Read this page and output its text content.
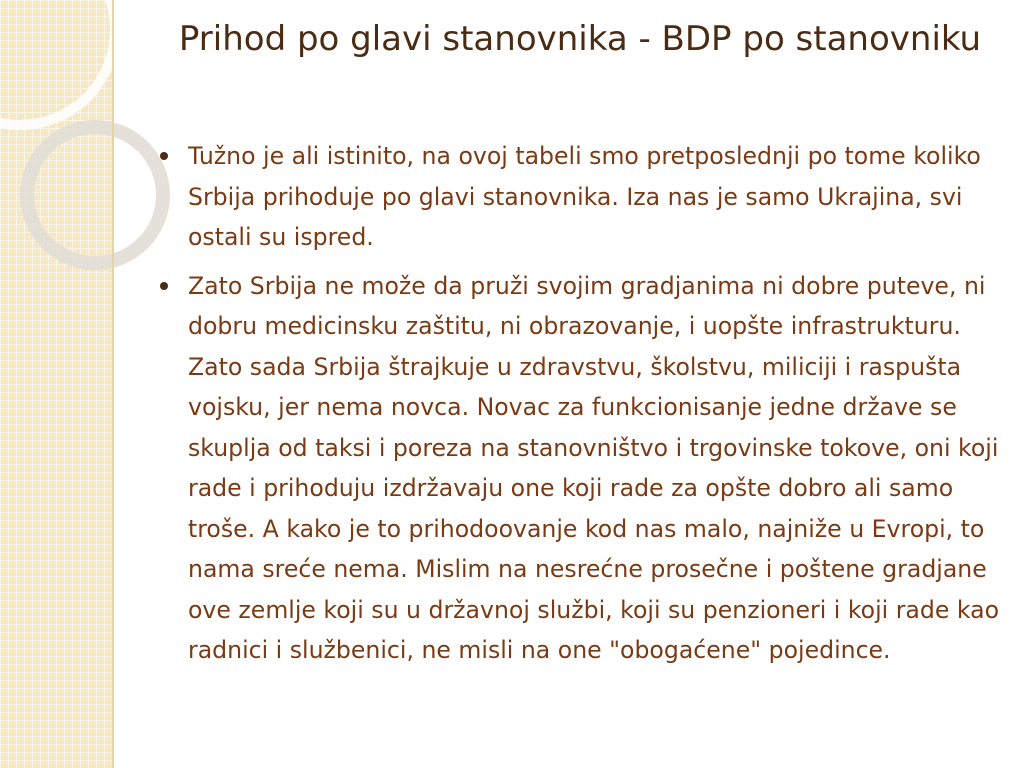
Prihod po glavi stanovnika - BDP po stanovniku
Tužno je ali istinito, na ovoj tabeli smo pretposlednji po tome koliko Srbija prihoduje po glavi stanovnika. Iza nas je samo Ukrajina, svi ostali su ispred.
Zato Srbija ne može da pruži svojim gradjanima ni dobre puteve, ni dobru medicinsku zaštitu, ni obrazovanje, i uopšte infrastrukturu. Zato sada Srbija štrajkuje u zdravstvu, školstvu, miliciji i raspušta vojsku, jer nema novca. Novac za funkcionisanje jedne države se skuplja od taksi i poreza na stanovništvo i trgovinske tokove, oni koji rade i prihoduju izdržavaju one koji rade za opšte dobro ali samo troše. A kako je to prihodoovanje kod nas malo, najniže u Evropi, to nama sreće nema. Mislim na nesrećne prosečne i poštene gradjane ove zemlje koji su u državnoj službi, koji su penzioneri i koji rade kao radnici i službenici, ne misli na one "obogaćene" pojedince.
